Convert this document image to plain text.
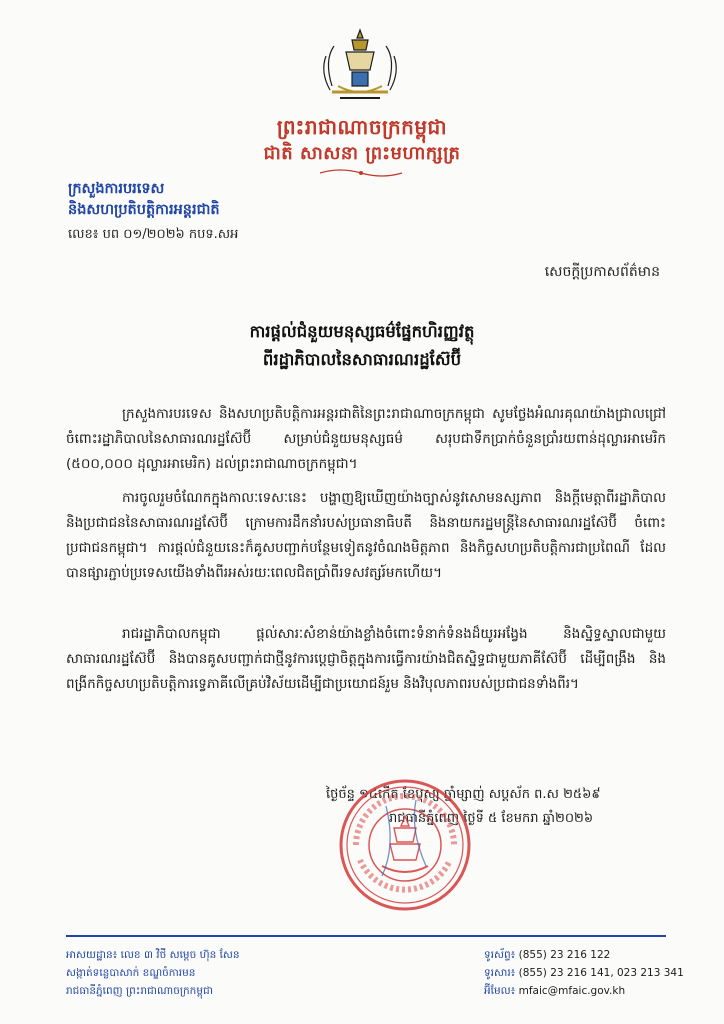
ព្រះរាជាណាចក្រកម្ពុជា
ជាតិ សាសនា ព្រះមហាក្សត្រ
ក្រសួងការបរទេស
និងសហប្រតិបត្តិការអន្តរជាតិ
លេខ៖ បព ០១/២០២៦ កបទ.សអ
សេចក្តីប្រកាសព័ត៌មាន
ការផ្តល់ជំនួយមនុស្សធម៌ផ្នែកហិរញ្ញវត្ថុ
ពីរដ្ឋាភិបាលនៃសាធារណរដ្ឋស៊ែប៊ី
ក្រសួងការបរទេស និងសហប្រតិបត្តិការអន្តរជាតិនៃព្រះរាជាណាចក្រកម្ពុជា សូមថ្លែងអំណរគុណយ៉ាងជ្រាលជ្រៅចំពោះរដ្ឋាភិបាលនៃសាធារណរដ្ឋស៊ែប៊ី សម្រាប់ជំនួយមនុស្សធម៌ សរុបជាទឹកប្រាក់ចំនួនប្រាំរយពាន់ដុល្លារអាមេរិក (៥០០,០០០ ដុល្លារអាមេរិក) ដល់ព្រះរាជាណាចក្រកម្ពុជា។
ការចូលរួមចំណែកក្នុងកាលៈទេសៈនេះ បង្ហាញឱ្យឃើញយ៉ាងច្បាស់នូវសោមនស្សភាព និងក្តីមេត្តាពីរដ្ឋាភិបាល និងប្រជាជននៃសាធារណរដ្ឋស៊ែប៊ី ក្រោមការដឹកនាំរបស់ប្រធានាធិបតី និងនាយករដ្ឋមន្ត្រីនៃសាធារណរដ្ឋស៊ែប៊ី ចំពោះប្រជាជនកម្ពុជា។ ការផ្តល់ជំនួយនេះក៏គូសបញ្ជាក់បន្ថែមទៀតនូវចំណងមិត្តភាព និងកិច្ចសហប្រតិបត្តិការជាប្រពៃណី ដែលបានផ្សារភ្ជាប់ប្រទេសយើងទាំងពីរអស់រយៈពេលជិតប្រាំពីរទសវត្សរ៍មកហើយ។
រាជរដ្ឋាភិបាលកម្ពុជា ផ្តល់សារៈសំខាន់យ៉ាងខ្លាំងចំពោះទំនាក់ទំនងដ៏យូរអង្វែង និងស្និទ្ធស្នាលជាមួយសាធារណរដ្ឋស៊ែប៊ី និងបានគូសបញ្ជាក់ជាថ្មីនូវការប្តេជ្ញាចិត្តក្នុងការធ្វើការយ៉ាងជិតស្និទ្ធជាមួយភាគីស៊ែប៊ី ដើម្បីពង្រឹង និងពង្រីកកិច្ចសហប្រតិបត្តិការទ្វេភាគីលើគ្រប់វិស័យដើម្បីជាប្រយោជន៍រួម និងវិបុលភាពរបស់ប្រជាជនទាំងពីរ។
ថ្ងៃច័ន្ទ ១៤កើត ខែបុស្ស ឆ្នាំម្សាញ់ សប្តស័ក ព.ស ២៥៦៩
រាជធានីភ្នំពេញ ថ្ងៃទី ៥ ខែមករា ឆ្នាំ២០២៦
អាសយដ្ឋាន៖ លេខ ៣ វិថី សម្តេច ហ៊ុន សែន
សង្កាត់ទន្លេបាសាក់ ខណ្ឌចំការមន
រាជធានីភ្នំពេញ ព្រះរាជាណាចក្រកម្ពុជា
ទូរស័ព្ទ៖ (855) 23 216 122
ទូរសារ៖ (855) 23 216 141, 023 213 341
អ៊ីមែល៖ mfaic@mfaic.gov.kh
